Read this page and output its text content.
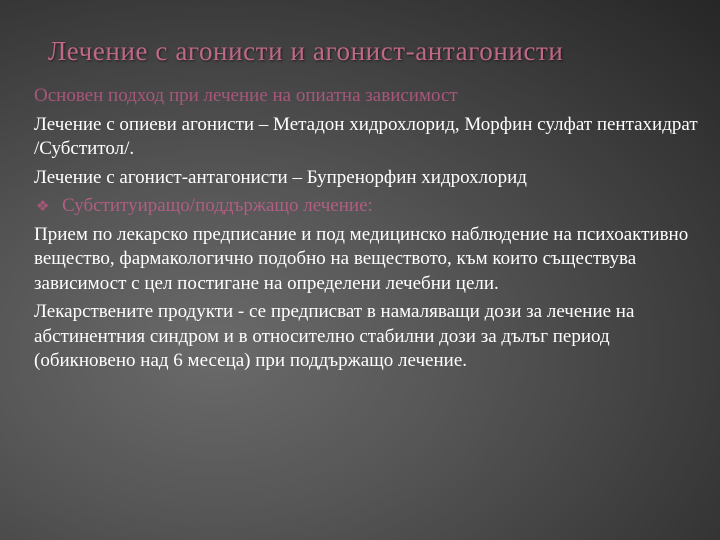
Лечение с агонисти и агонист-антагонисти

Основен подход при лечение на опиатна зависимост

Лечение с опиеви агонисти – Метадон хидрохлорид, Морфин сулфат пентахидрат /Субститол/.

Лечение с агонист-антагонисти – Бупренорфин хидрохлорид

❖ Субституиращо/поддържащо лечение:

Прием по лекарско предписание и под медицинско наблюдение на психоактивно вещество, фармакологично подобно на веществото, към които съществува зависимост с цел постигане на определени лечебни цели.

Лекарствените продукти - се предписват в намаляващи дози за лечение на абстинентния синдром и в относително стабилни дози за дълъг период (обикновено над 6 месеца) при поддържащо лечение.
